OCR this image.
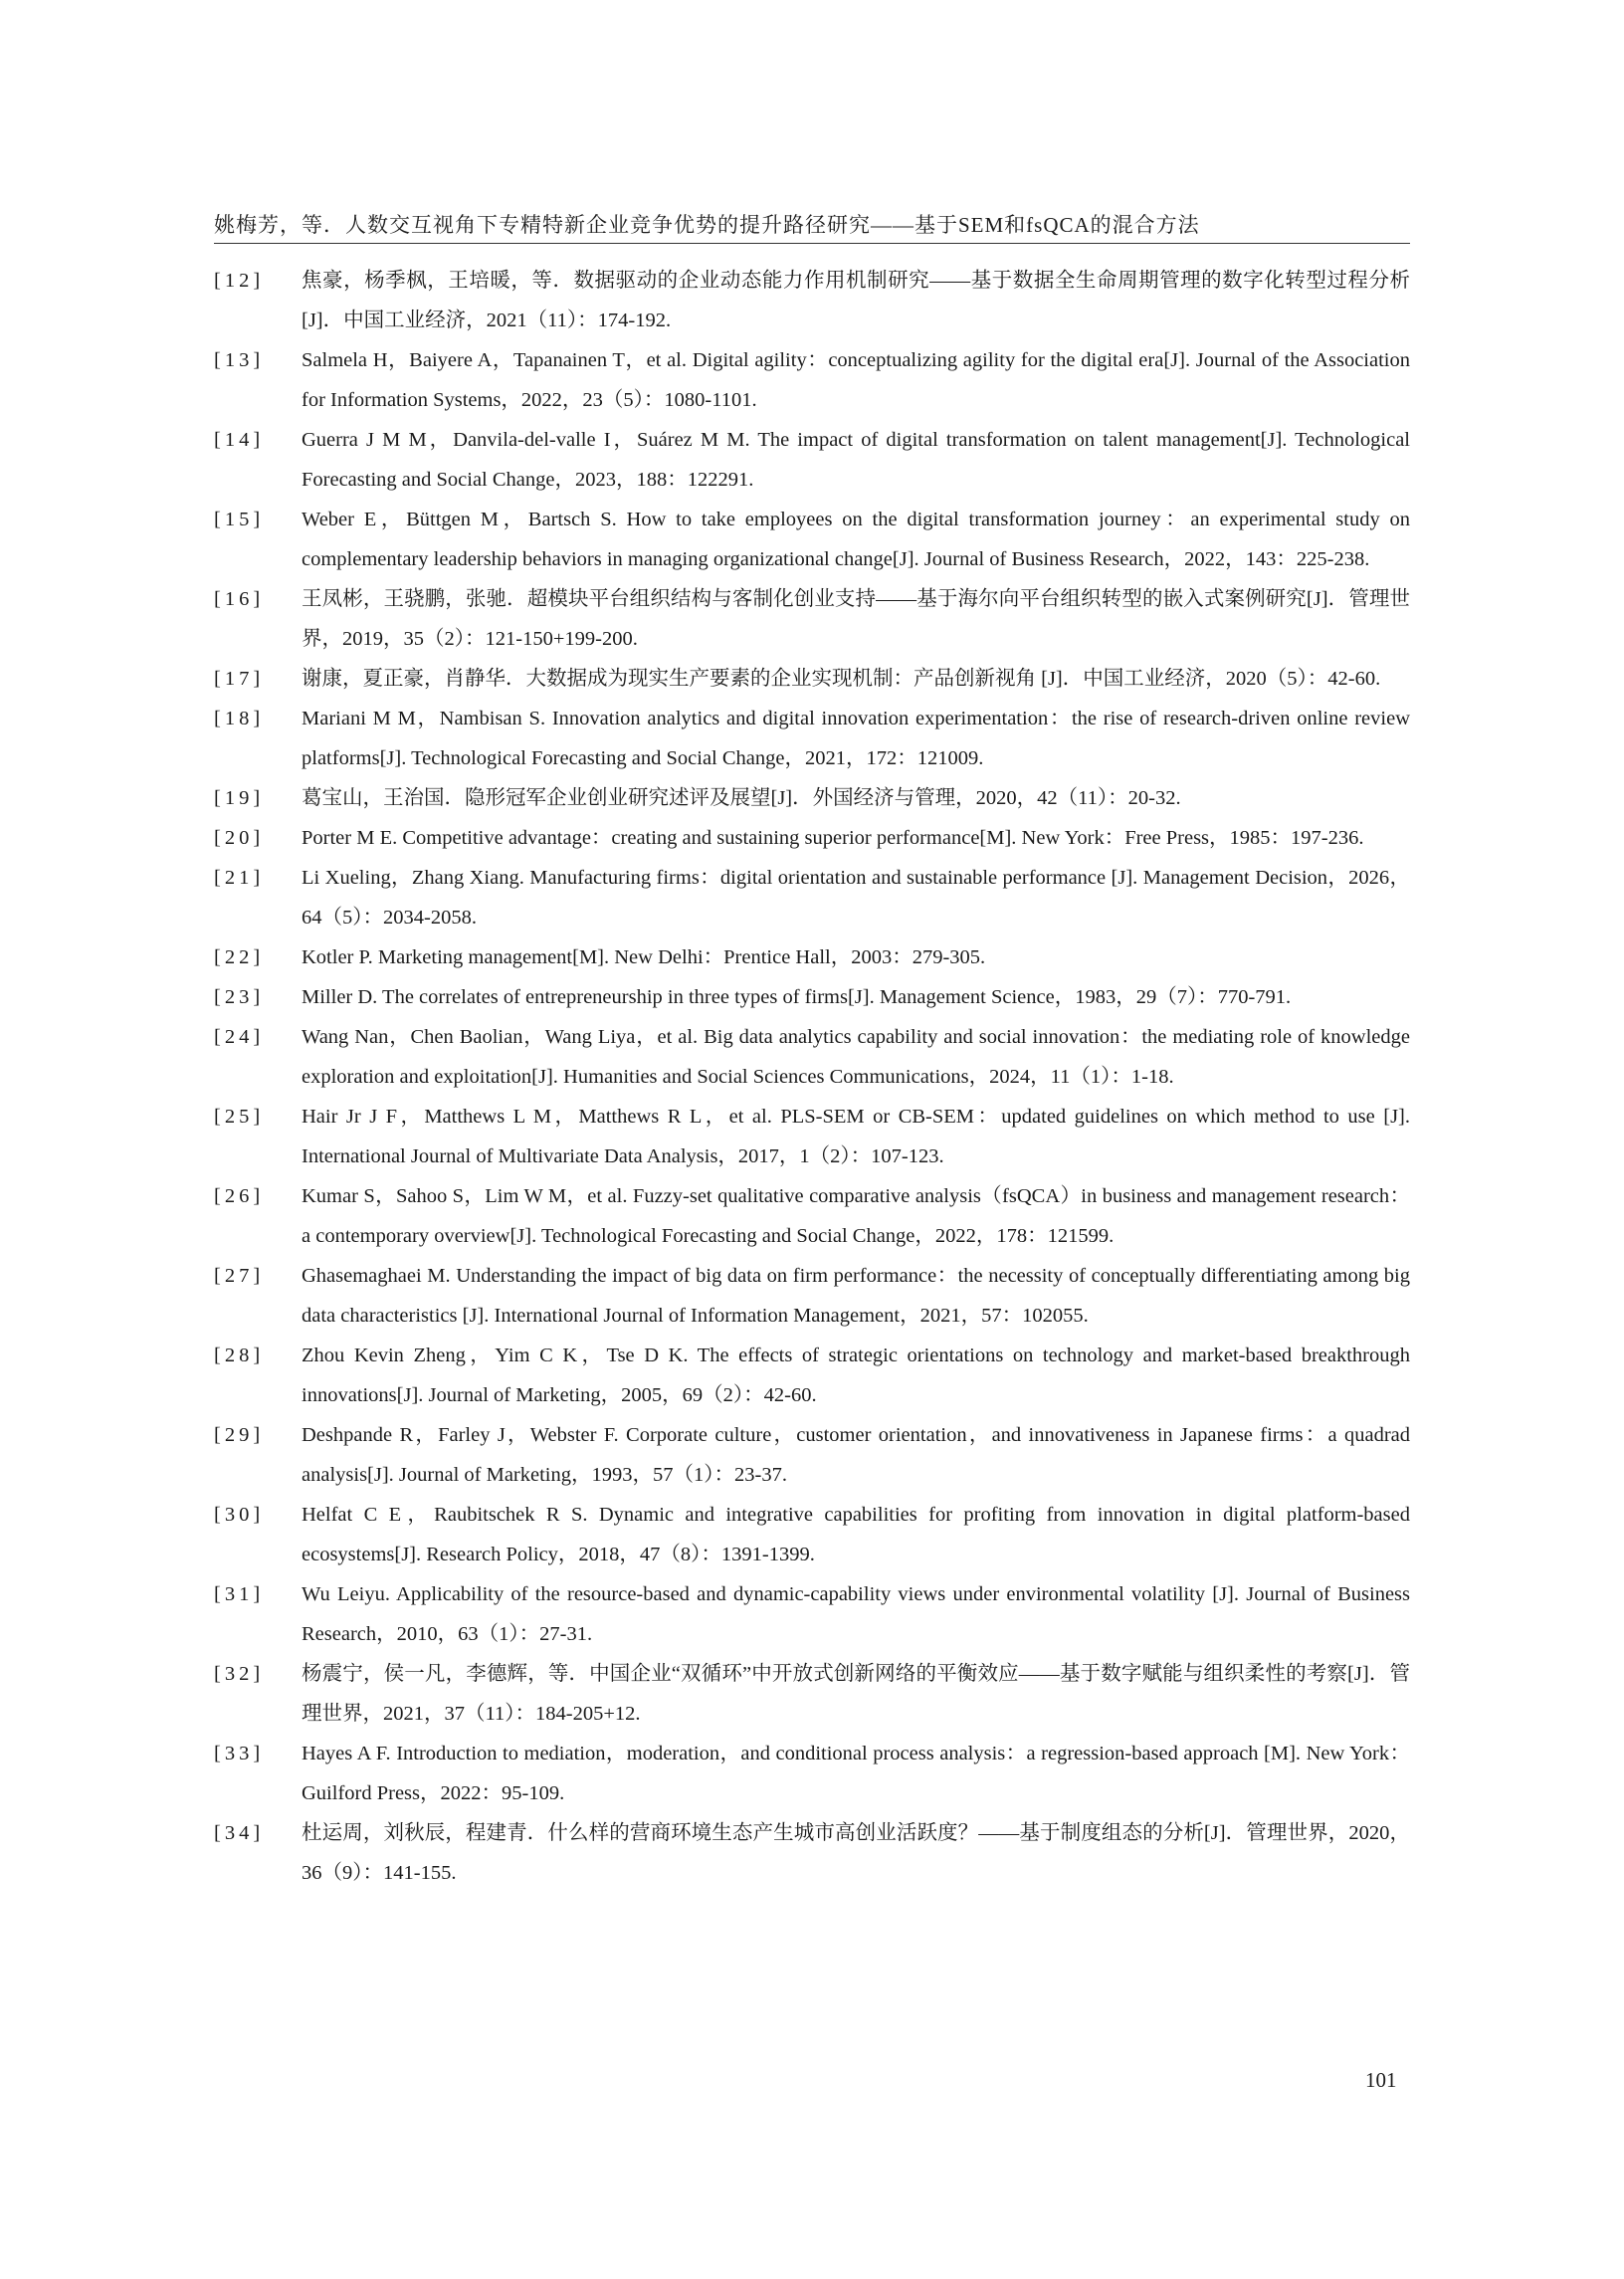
姚梅芳，等．人数交互视角下专精特新企业竞争优势的提升路径研究——基于SEM和fsQCA的混合方法
[12]	焦豪，杨季枫，王培暖，等．数据驱动的企业动态能力作用机制研究——基于数据全生命周期管理的数字化转型过程分析[J]．中国工业经济，2021（11）：174-192.
[13]	Salmela H，Baiyere A，Tapanainen T，et al. Digital agility：conceptualizing agility for the digital era[J]. Journal of the Association for Information Systems，2022，23（5）：1080-1101.
[14]	Guerra J M M，Danvila-del-valle I，Suárez M M. The impact of digital transformation on talent management[J]. Technological Forecasting and Social Change，2023，188：122291.
[15]	Weber E，Büttgen M，Bartsch S. How to take employees on the digital transformation journey：an experimental study on complementary leadership behaviors in managing organizational change[J]. Journal of Business Research，2022，143：225-238.
[16]	王凤彬，王骁鹏，张驰．超模块平台组织结构与客制化创业支持——基于海尔向平台组织转型的嵌入式案例研究[J]．管理世界，2019，35（2）：121-150+199-200.
[17]	谢康，夏正豪，肖静华．大数据成为现实生产要素的企业实现机制：产品创新视角 [J]．中国工业经济，2020（5）：42-60.
[18]	Mariani M M，Nambisan S. Innovation analytics and digital innovation experimentation：the rise of research-driven online review platforms[J]. Technological Forecasting and Social Change，2021，172：121009.
[19]	葛宝山，王治国．隐形冠军企业创业研究述评及展望[J]．外国经济与管理，2020，42（11）：20-32.
[20]	Porter M E. Competitive advantage：creating and sustaining superior performance[M]. New York：Free Press，1985：197-236.
[21]	Li Xueling，Zhang Xiang. Manufacturing firms：digital orientation and sustainable performance [J]. Management Decision，2026，64（5）：2034-2058.
[22]	Kotler P. Marketing management[M]. New Delhi：Prentice Hall，2003：279-305.
[23]	Miller D. The correlates of entrepreneurship in three types of firms[J]. Management Science，1983，29（7）：770-791.
[24]	Wang Nan，Chen Baolian，Wang Liya，et al. Big data analytics capability and social innovation：the mediating role of knowledge exploration and exploitation[J]. Humanities and Social Sciences Communications，2024，11（1）：1-18.
[25]	Hair Jr J F，Matthews L M，Matthews R L，et al. PLS-SEM or CB-SEM：updated guidelines on which method to use [J]. International Journal of Multivariate Data Analysis，2017，1（2）：107-123.
[26]	Kumar S，Sahoo S，Lim W M，et al. Fuzzy-set qualitative comparative analysis（fsQCA）in business and management research：a contemporary overview[J]. Technological Forecasting and Social Change，2022，178：121599.
[27]	Ghasemaghaei M. Understanding the impact of big data on firm performance：the necessity of conceptually differentiating among big data characteristics [J]. International Journal of Information Management，2021，57：102055.
[28]	Zhou Kevin Zheng，Yim C K，Tse D K. The effects of strategic orientations on technology and market-based breakthrough innovations[J]. Journal of Marketing，2005，69（2）：42-60.
[29]	Deshpande R，Farley J，Webster F. Corporate culture，customer orientation，and innovativeness in Japanese firms：a quadrad analysis[J]. Journal of Marketing，1993，57（1）：23-37.
[30]	Helfat C E，Raubitschek R S. Dynamic and integrative capabilities for profiting from innovation in digital platform-based ecosystems[J]. Research Policy，2018，47（8）：1391-1399.
[31]	Wu Leiyu. Applicability of the resource-based and dynamic-capability views under environmental volatility [J]. Journal of Business Research，2010，63（1）：27-31.
[32]	杨震宁，侯一凡，李德辉，等．中国企业“双循环”中开放式创新网络的平衡效应——基于数字赋能与组织柔性的考察[J]．管理世界，2021，37（11）：184-205+12.
[33]	Hayes A F. Introduction to mediation，moderation，and conditional process analysis：a regression-based approach [M]. New York：Guilford Press，2022：95-109.
[34]	杜运周，刘秋辰，程建青．什么样的营商环境生态产生城市高创业活跃度？——基于制度组态的分析[J]．管理世界，2020，36（9）：141-155.
101
